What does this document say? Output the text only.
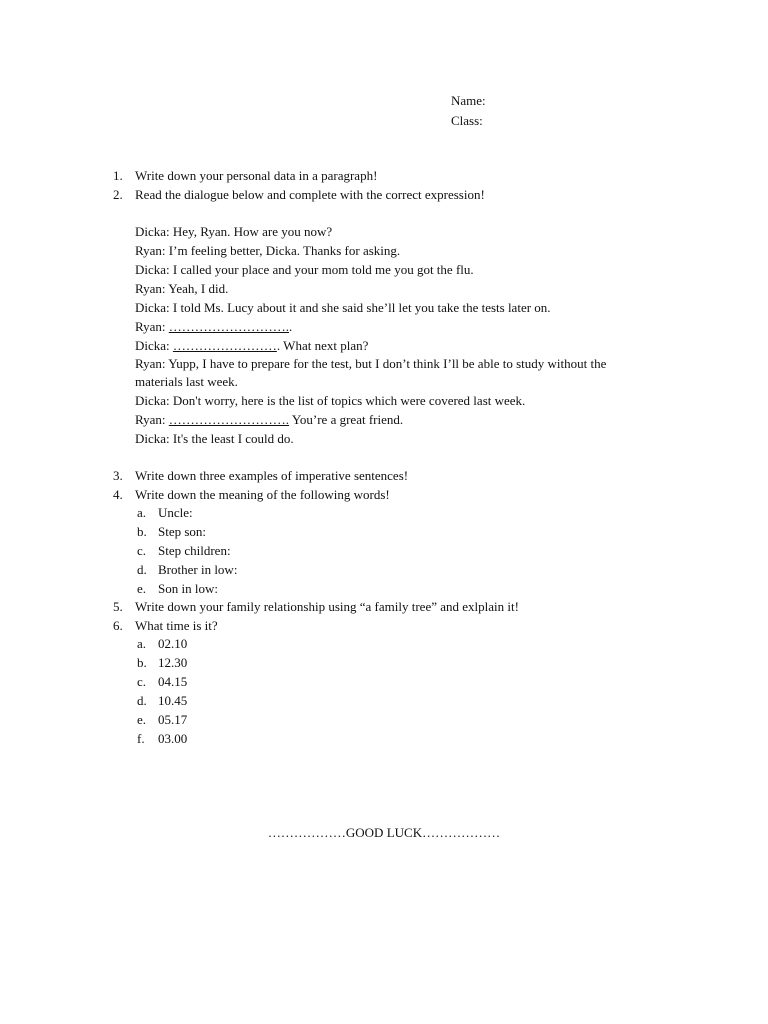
Name:
Class:
1. Write down your personal data in a paragraph!
2. Read the dialogue below and complete with the correct expression!
Dicka: Hey, Ryan. How are you now?
Ryan: I’m feeling better, Dicka. Thanks for asking.
Dicka: I called your place and your mom told me you got the flu.
Ryan: Yeah, I did.
Dicka: I told Ms. Lucy about it and she said she’ll let you take the tests later on.
Ryan: ………………………..
Dicka: ……………………. What next plan?
Ryan: Yupp, I have to prepare for the test, but I don’t think I’ll be able to study without the
materials last week.
Dicka: Don't worry, here is the list of topics which were covered last week.
Ryan: ………………………. You’re a great friend.
Dicka: It's the least I could do.
3. Write down three examples of imperative sentences!
4. Write down the meaning of the following words!
a. Uncle:
b. Step son:
c. Step children:
d. Brother in low:
e. Son in low:
5. Write down your family relationship using “a family tree” and exlplain it!
6. What time is it?
a. 02.10
b. 12.30
c. 04.15
d. 10.45
e. 05.17
f. 03.00
………………GOOD LUCK………………
